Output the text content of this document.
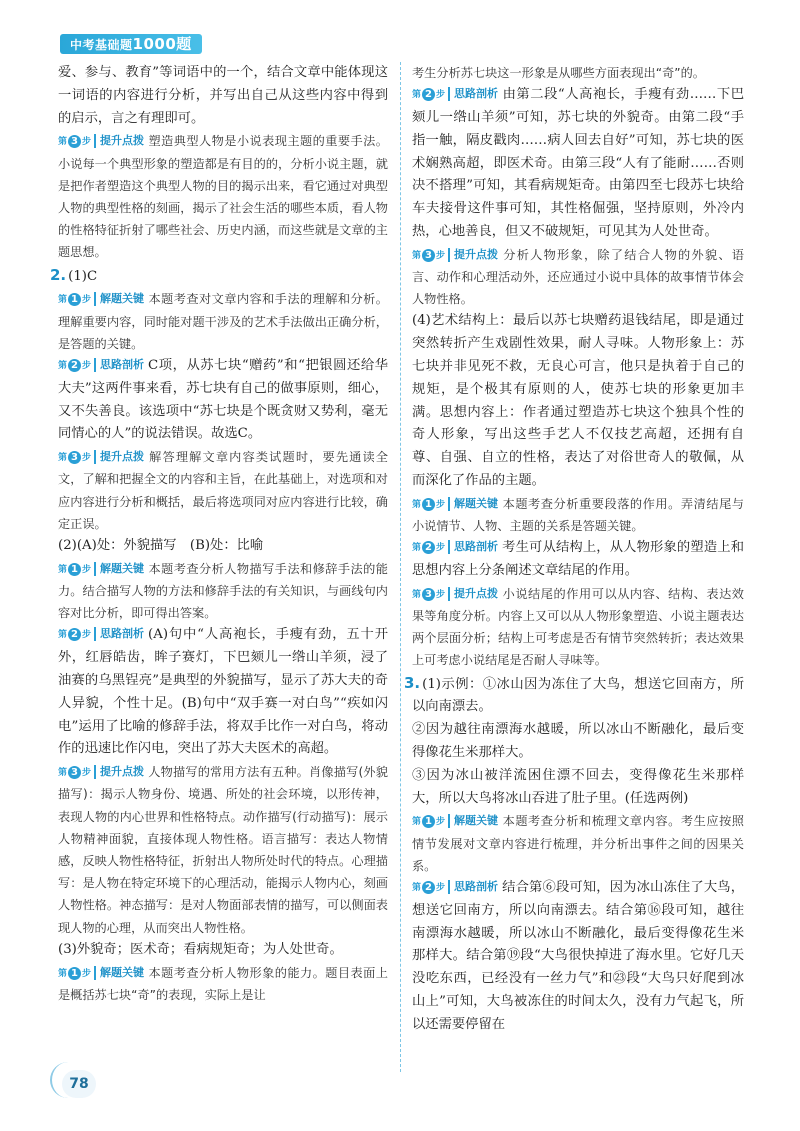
中考基础题1000题

爱、参与、教育”等词语中的一个，结合文章中能体现这一词语的内容进行分析，并写出自己从这些内容中得到的启示，言之有理即可。

第 3 步 提升点拨 塑造典型人物是小说表现主题的重要手法。小说每一个典型形象的塑造都是有目的的，分析小说主题，就是把作者塑造这个典型人物的目的揭示出来，看它通过对典型人物的典型性格的刻画，揭示了社会生活的哪些本质，看人物的性格特征折射了哪些社会、历史内涵，而这些就是文章的主题思想。

2. (1)C

第 1 步 解题关键 本题考查对文章内容和手法的理解和分析。理解重要内容，同时能对题干涉及的艺术手法做出正确分析，是答题的关键。

第 2 步 思路剖析 C项，从苏七块“赠药”和“把银圆还给华大夫”这两件事来看，苏七块有自己的做事原则，细心，又不失善良。该选项中“苏七块是个既贪财又势利，毫无同情心的人”的说法错误。故选C。

第 3 步 提升点拨 解答理解文章内容类试题时，要先通读全文，了解和把握全文的内容和主旨，在此基础上，对选项和对应内容进行分析和概括，最后将选项同对应内容进行比较，确定正误。

(2)(A)处：外貌描写　(B)处：比喻

第 1 步 解题关键 本题考查分析人物描写手法和修辞手法的能力。结合描写人物的方法和修辞手法的有关知识，与画线句内容对比分析，即可得出答案。

第 2 步 思路剖析 (A)句中“人高袍长，手瘦有劲，五十开外，红唇皓齿，眸子赛灯，下巴颏儿一绺山羊须，浸了油赛的乌黑锃亮”是典型的外貌描写，显示了苏大夫的奇人异貌，个性十足。(B)句中“双手赛一对白鸟”“疾如闪电”运用了比喻的修辞手法，将双手比作一对白鸟，将动作的迅速比作闪电，突出了苏大夫医术的高超。

第 3 步 提升点拨 人物描写的常用方法有五种。肖像描写(外貌描写)：揭示人物身份、境遇、所处的社会环境，以形传神，表现人物的内心世界和性格特点。动作描写(行动描写)：展示人物精神面貌，直接体现人物性格。语言描写：表达人物情感，反映人物性格特征，折射出人物所处时代的特点。心理描写：是人物在特定环境下的心理活动，能揭示人物内心，刻画人物性格。神态描写：是对人物面部表情的描写，可以侧面表现人物的心理，从而突出人物性格。

(3)外貌奇；医术奇；看病规矩奇；为人处世奇。

第 1 步 解题关键 本题考查分析人物形象的能力。题目表面上是概括苏七块“奇”的表现，实际上是让

考生分析苏七块这一形象是从哪些方面表现出“奇”的。

第 2 步 思路剖析 由第二段“人高袍长，手瘦有劲……下巴颏儿一绺山羊须”可知，苏七块的外貌奇。由第二段“手指一触，隔皮戳肉……病人回去自好”可知，苏七块的医术娴熟高超，即医术奇。由第三段“人有了能耐……否则决不搭理”可知，其看病规矩奇。由第四至七段苏七块给车夫接骨这件事可知，其性格倔强，坚持原则，外冷内热，心地善良，但又不破规矩，可见其为人处世奇。

第 3 步 提升点拨 分析人物形象，除了结合人物的外貌、语言、动作和心理活动外，还应通过小说中具体的故事情节体会人物性格。

(4)艺术结构上：最后以苏七块赠药退钱结尾，即是通过突然转折产生戏剧性效果，耐人寻味。人物形象上：苏七块并非见死不救，无良心可言，他只是执着于自己的规矩，是个极其有原则的人，使苏七块的形象更加丰满。思想内容上：作者通过塑造苏七块这个独具个性的奇人形象，写出这些手艺人不仅技艺高超，还拥有自尊、自强、自立的性格，表达了对俗世奇人的敬佩，从而深化了作品的主题。

第 1 步 解题关键 本题考查分析重要段落的作用。弄清结尾与小说情节、人物、主题的关系是答题关键。

第 2 步 思路剖析 考生可从结构上，从人物形象的塑造上和思想内容上分条阐述文章结尾的作用。

第 3 步 提升点拨 小说结尾的作用可以从内容、结构、表达效果等角度分析。内容上又可以从人物形象塑造、小说主题表达两个层面分析；结构上可考虑是否有情节突然转折；表达效果上可考虑小说结尾是否耐人寻味等。

3. (1)示例：①冰山因为冻住了大鸟，想送它回南方，所以向南漂去。

②因为越往南漂海水越暖，所以冰山不断融化，最后变得像花生米那样大。

③因为冰山被洋流困住漂不回去，变得像花生米那样大，所以大鸟将冰山吞进了肚子里。(任选两例)

第 1 步 解题关键 本题考查分析和梳理文章内容。考生应按照情节发展对文章内容进行梳理，并分析出事件之间的因果关系。

第 2 步 思路剖析 结合第⑥段可知，因为冰山冻住了大鸟，想送它回南方，所以向南漂去。结合第⑯段可知，越往南漂海水越暖，所以冰山不断融化，最后变得像花生米那样大。结合第⑲段“大鸟很快掉进了海水里。它好几天没吃东西，已经没有一丝力气”和㉓段“大鸟只好爬到冰山上”可知，大鸟被冻住的时间太久，没有力气起飞，所以还需要停留在

78
